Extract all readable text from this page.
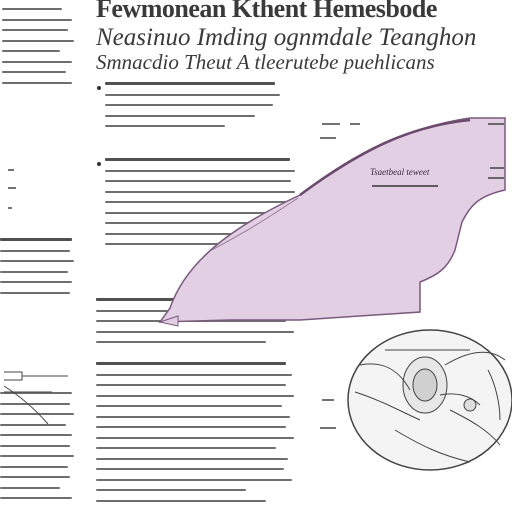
Fewmonean Kthent Hemesbode
Neasinuo Imding ognmdale Teanghon
Smnacdio Theut A tleerutebe puehlicans
Tsaetbeal teweet
